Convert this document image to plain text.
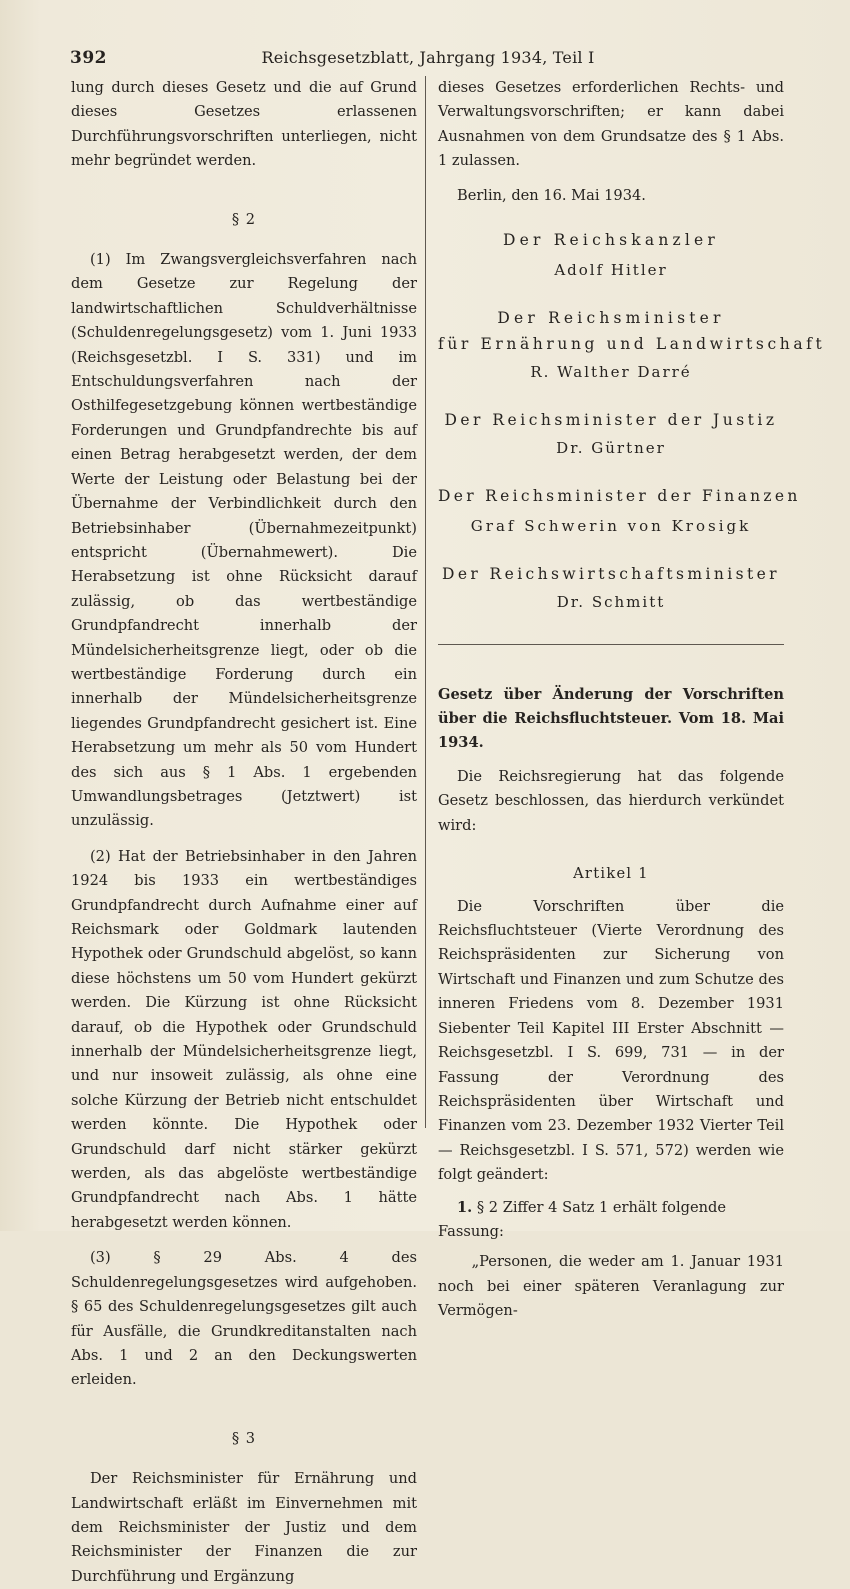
392	Reichsgesetzblatt, Jahrgang 1934, Teil I

lung durch dieses Gesetz und die auf Grund dieses Gesetzes erlassenen Durchführungsvorschriften unterliegen, nicht mehr begründet werden.

§ 2

(1) Im Zwangsvergleichsverfahren nach dem Gesetze zur Regelung der landwirtschaftlichen Schuldverhältnisse (Schuldenregelungsgesetz) vom 1. Juni 1933 (Reichsgesetzbl. I S. 331) und im Entschuldungsverfahren nach der Osthilfegesetzgebung können wertbeständige Forderungen und Grundpfandrechte bis auf einen Betrag herabgesetzt werden, der dem Werte der Leistung oder Belastung bei der Übernahme der Verbindlichkeit durch den Betriebsinhaber (Übernahmezeitpunkt) entspricht (Übernahmewert). Die Herabsetzung ist ohne Rücksicht darauf zulässig, ob das wertbeständige Grundpfandrecht innerhalb der Mündelsicherheitsgrenze liegt, oder ob die wertbeständige Forderung durch ein innerhalb der Mündelsicherheitsgrenze liegendes Grundpfandrecht gesichert ist. Eine Herabsetzung um mehr als 50 vom Hundert des sich aus § 1 Abs. 1 ergebenden Umwandlungsbetrages (Jetztwert) ist unzulässig.

(2) Hat der Betriebsinhaber in den Jahren 1924 bis 1933 ein wertbeständiges Grundpfandrecht durch Aufnahme einer auf Reichsmark oder Goldmark lautenden Hypothek oder Grundschuld abgelöst, so kann diese höchstens um 50 vom Hundert gekürzt werden. Die Kürzung ist ohne Rücksicht darauf, ob die Hypothek oder Grundschuld innerhalb der Mündelsicherheitsgrenze liegt, und nur insoweit zulässig, als ohne eine solche Kürzung der Betrieb nicht entschuldet werden könnte. Die Hypothek oder Grundschuld darf nicht stärker gekürzt werden, als das abgelöste wertbeständige Grundpfandrecht nach Abs. 1 hätte herabgesetzt werden können.

(3) § 29 Abs. 4 des Schuldenregelungsgesetzes wird aufgehoben. § 65 des Schuldenregelungsgesetzes gilt auch für Ausfälle, die Grundkreditanstalten nach Abs. 1 und 2 an den Deckungswerten erleiden.

§ 3

Der Reichsminister für Ernährung und Landwirtschaft erläßt im Einvernehmen mit dem Reichsminister der Justiz und dem Reichsminister der Finanzen die zur Durchführung und Ergänzung

dieses Gesetzes erforderlichen Rechts- und Verwaltungsvorschriften; er kann dabei Ausnahmen von dem Grundsatze des § 1 Abs. 1 zulassen.

Berlin, den 16. Mai 1934.

Der Reichskanzler
Adolf Hitler
Der Reichsminister
für Ernährung und Landwirtschaft
R. Walther Darré
Der Reichsminister der Justiz
Dr. Gürtner
Der Reichsminister der Finanzen
Graf Schwerin von Krosigk
Der Reichswirtschaftsminister
Dr. Schmitt

Gesetz über Änderung der Vorschriften über die Reichsfluchtsteuer. Vom 18. Mai 1934.

Die Reichsregierung hat das folgende Gesetz beschlossen, das hierdurch verkündet wird:

Artikel 1

Die Vorschriften über die Reichsfluchtsteuer (Vierte Verordnung des Reichspräsidenten zur Sicherung von Wirtschaft und Finanzen und zum Schutze des inneren Friedens vom 8. Dezember 1931 Siebenter Teil Kapitel III Erster Abschnitt — Reichsgesetzbl. I S. 699, 731 — in der Fassung der Verordnung des Reichspräsidenten über Wirtschaft und Finanzen vom 23. Dezember 1932 Vierter Teil — Reichsgesetzbl. I S. 571, 572) werden wie folgt geändert:

1. § 2 Ziffer 4 Satz 1 erhält folgende Fassung:

„Personen, die weder am 1. Januar 1931 noch bei einer späteren Veranlagung zur Vermögen-
